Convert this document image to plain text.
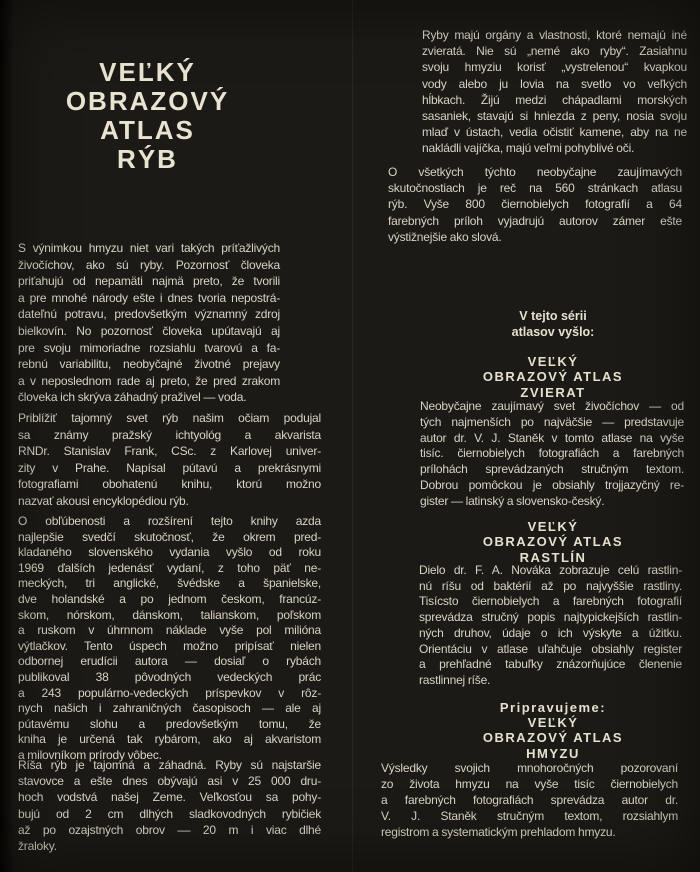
VEĽKÝ
OBRAZOVÝ
ATLAS
RÝB
S výnimkou hmyzu niet vari takých príťažlivých
živočíchov, ako sú ryby. Pozornosť človeka
priťahujú od nepamäti najmä preto, že tvorili
a pre mnohé národy ešte i dnes tvoria nepostrá-
dateľnú potravu, predovšetkým významný zdroj
bielkovín. No pozornosť človeka upútavajú aj
pre svoju mimoriadne rozsiahlu tvarovú a fa-
rebnú variabilitu, neobyčajné životné prejavy
a v neposlednom rade aj preto, že pred zrakom
človeka ich skrýva záhadný praživel — voda.
Priblížiť tajomný svet rýb našim očiam podujal
sa známy pražský ichtyológ a akvarista
RNDr. Stanislav Frank, CSc. z Karlovej univer-
zity v Prahe. Napísal pútavú a prekrásnymi
fotografiami obohatenú knihu, ktorú možno
nazvať akousi encyklopédiou rýb.
O obľúbenosti a rozšírení tejto knihy azda
najlepšie svedčí skutočnosť, že okrem pred-
kladaného slovenského vydania vyšlo od roku
1969 ďalších jedenásť vydaní, z toho päť ne-
meckých, tri anglické, švédske a španielske,
dve holandské a po jednom českom, francúz-
skom, nórskom, dánskom, talianskom, poľskom
a ruskom v úhrnnom náklade vyše pol milióna
výtlačkov. Tento úspech možno pripísať nielen
odbornej erudícii autora — dosiaľ o rybách
publikoval 38 pôvodných vedeckých prác
a 243 populárno-vedeckých príspevkov v rôz-
nych našich i zahraničných časopisoch — ale aj
pútavému slohu a predovšetkým tomu, že
kniha je určená tak rybárom, ako aj akvaristom
a milovníkom prírody vôbec.
Ríša rýb je tajomná a záhadná. Ryby sú najstaršie
stavovce a ešte dnes obývajú asi v 25 000 dru-
hoch vodstvá našej Zeme. Veľkosťou sa pohy-
bujú od 2 cm dlhých sladkovodných rybičiek
až po ozajstných obrov –– 20 m i viac dlhé
žraloky.
Ryby majú orgány a vlastnosti, ktoré nemajú iné
zvieratá. Nie sú „nemé ako ryby“. Zasiahnu
svoju hmyziu korisť „vystrelenou“ kvapkou
vody alebo ju lovia na svetlo vo veľkých
hĺbkach. Žijú medzi chápadlami morských
sasaniek, stavajú si hniezda z peny, nosia svoju
mlaď v ústach, vedia očistiť kamene, aby na ne
nakládli vajíčka, majú veľmi pohyblivé oči.
O všetkých týchto neobyčajne zaujímavých
skutočnostiach je reč na 560 stránkach atlasu
rýb. Vyše 800 čiernobielych fotografií a 64
farebných príloh vyjadrujú autorov zámer ešte
výstižnejšie ako slová.
V tejto sérii
atlasov vyšlo:
VEĽKÝ
OBRAZOVÝ ATLAS
ZVIERAT
Neobyčajne zaujímavý svet živočíchov — od
tých najmenších po najväčšie — predstavuje
autor dr. V. J. Staněk v tomto atlase na vyše
tisíc. čiernobielych fotografiách a farebných
prílohách sprevádzaných stručným textom.
Dobrou pomôckou je obsiahly trojjazyčný re-
gister — latinský a slovensko-český.
VEĽKÝ
OBRAZOVÝ ATLAS
RASTLÍN
Dielo dr. F. A. Nováka zobrazuje celú rastlin-
nú ríšu od baktérií až po najvyššie rastliny.
Tisícsto čiernobielych a farebných fotografií
sprevádza stručný popis najtypickejších rastlin-
ných druhov, údaje o ich výskyte a úžitku.
Orientáciu v atlase uľahčuje obsiahly register
a prehľadné tabuľky znázorňujúce členenie
rastlinnej ríše.
Pripravujeme:
VEĽKÝ
OBRAZOVÝ ATLAS
HMYZU
Výsledky svojich mnohoročných pozorovaní
zo života hmyzu na vyše tisíc čiernobielych
a farebných fotografiách sprevádza autor dr.
V. J. Staněk stručným textom, rozsiahlym
registrom a systematickým prehladom hmyzu.
